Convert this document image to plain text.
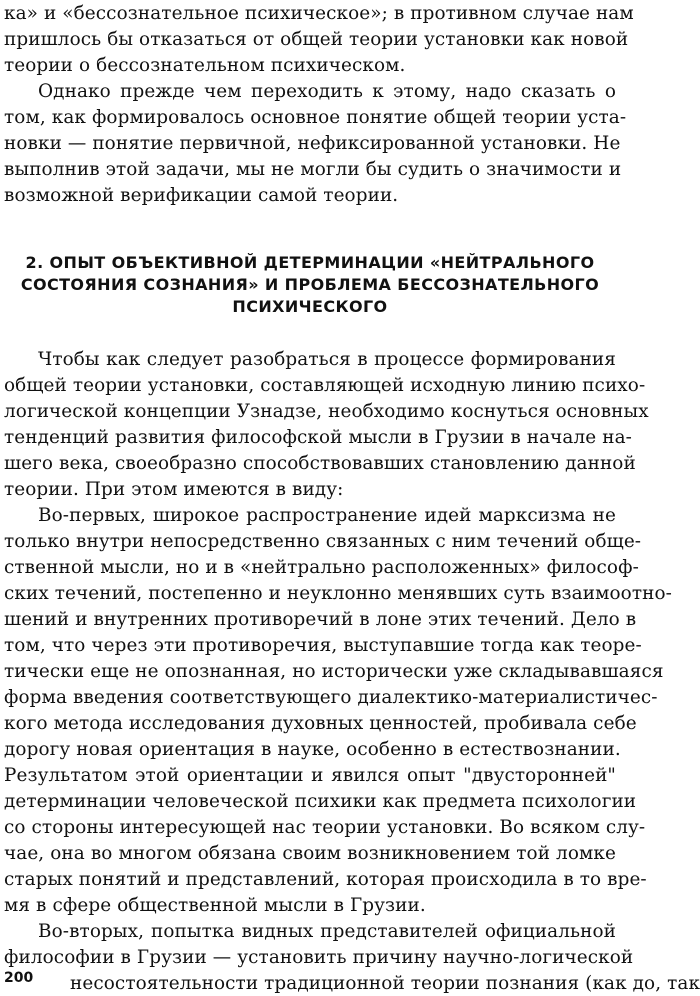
ка» и «бессознательное психическое»; в противном случае нам

пришлось бы отказаться от общей теории установки как новой

теории о бессознательном психическом.

Однако прежде чем переходить к этому, надо сказать о

том, как формировалось основное понятие общей теории уста-

новки — понятие первичной, нефиксированной установки. Не

выполнив этой задачи, мы не могли бы судить о значимости и

возможной верификации самой теории.

2. ОПЫТ ОБЪЕКТИВНОЙ ДЕТЕРМИНАЦИИ «НЕЙТРАЛЬНОГО
СОСТОЯНИЯ СОЗНАНИЯ» И ПРОБЛЕМА БЕССОЗНАТЕЛЬНОГО
ПСИХИЧЕСКОГО

Чтобы как следует разобраться в процессе формирования

общей теории установки, составляющей исходную линию психо-

логической концепции Узнадзе, необходимо коснуться основных

тенденций развития философской мысли в Грузии в начале на-

шего века, своеобразно способствовавших становлению данной

теории. При этом имеются в виду:

Во-первых, широкое распространение идей марксизма не

только внутри непосредственно связанных с ним течений обще-

ственной мысли, но и в «нейтрально расположенных» философ-

ских течений, постепенно и неуклонно менявших суть взаимоотно-

шений и внутренних противоречий в лоне этих течений. Дело в

том, что через эти противоречия, выступавшие тогда как теоре-

тически еще не опознанная, но исторически уже складывавшаяся

форма введения соответствующего диалектико-материалистичес-

кого метода исследования духовных ценностей, пробивала себе

дорогу новая ориентация в науке, особенно в естествознании.

Результатом этой ориентации и явился опыт "двусторонней"

детерминации человеческой психики как предмета психологии

со стороны интересующей нас теории установки. Во всяком слу-

чае, она во многом обязана своим возникновением той ломке

старых понятий и представлений, которая происходила в то вре-

мя в сфере общественной мысли в Грузии.

Во-вторых, попытка видных представителей официальной

философии в Грузии — установить причину научно-логической

несостоятельности традиционной теории познания (как до, так

200
